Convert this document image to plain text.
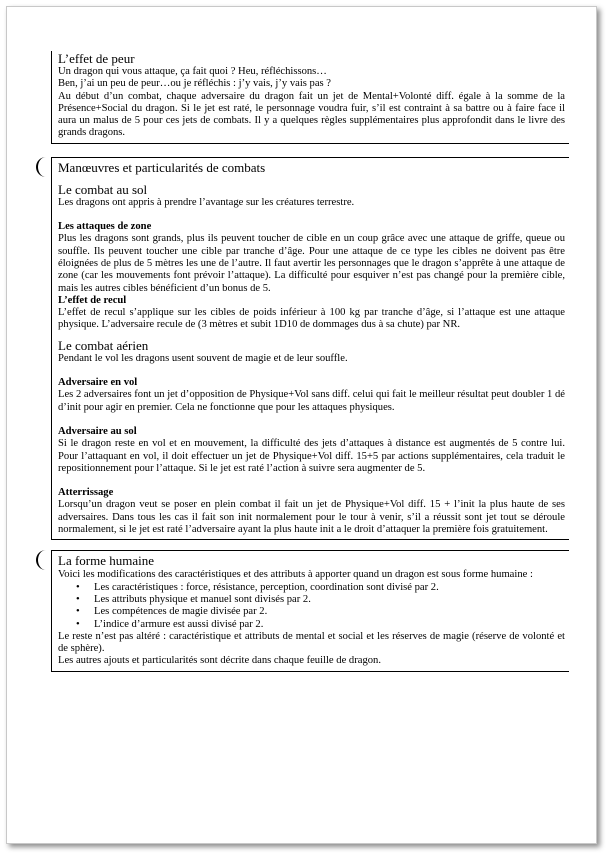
L’effet de peur

Un dragon qui vous attaque, ça fait quoi ? Heu, réfléchissons…

Ben, j’ai un peu de peur…ou je réfléchis : j’y vais, j’y vais pas ?

Au début d’un combat, chaque adversaire du dragon fait un jet de Mental+Volonté diff. égale à la somme de la Présence+Social du dragon. Si le jet est raté, le personnage voudra fuir, s’il est contraint à sa battre ou à faire face il aura un malus de 5 pour ces jets de combats. Il y a quelques règles supplémentaires plus approfondit dans le livre des grands dragons.

Manœuvres et particularités de combats
Le combat au sol

Les dragons ont appris à prendre l’avantage sur les créatures terrestre.

Les attaques de zone

Plus les dragons sont grands, plus ils peuvent toucher de cible en un coup grâce avec une attaque de griffe, queue ou souffle. Ils peuvent toucher une cible par tranche d’âge. Pour une attaque de ce type les cibles ne doivent pas être éloignées de plus de 5 mètres les une de l’autre. Il faut avertir les personnages que le dragon s’apprête à une attaque de zone (car les mouvements font prévoir l’attaque). La difficulté pour esquiver n’est pas changé pour la première cible, mais les autres cibles bénéficient d’un bonus de 5.

L’effet de recul

L’effet de recul s’applique sur les cibles de poids inférieur à 100 kg par tranche d’âge, si l’attaque est une attaque physique. L’adversaire recule de (3 mètres et subit 1D10 de dommages dus à sa chute) par NR.

Le combat aérien

Pendant le vol les dragons usent souvent de magie et de leur souffle.

Adversaire en vol

Les 2 adversaires font un jet d’opposition de Physique+Vol sans diff. celui qui fait le meilleur résultat peut doubler 1 dé d’init pour agir en premier. Cela ne fonctionne que pour les attaques physiques.

Adversaire au sol

Si le dragon reste en vol et en mouvement, la difficulté des jets d’attaques à distance est augmentés de 5 contre lui. Pour l’attaquant en vol, il doit effectuer un jet de Physique+Vol diff. 15+5 par actions supplémentaires, cela traduit le repositionnement pour l’attaque. Si le jet est raté l’action à suivre sera augmenter de 5.

Atterrissage

Lorsqu’un dragon veut se poser en plein combat il fait un jet de Physique+Vol diff. 15 + l’init la plus haute de ses adversaires. Dans tous les cas il fait son init normalement pour le tour à venir, s’il a réussit sont jet tout se déroule normalement, si le jet est raté l’adversaire ayant la plus haute init a le droit d’attaquer la première fois gratuitement.

La forme humaine

Voici les modifications des caractéristiques et des attributs à apporter quand un dragon est sous forme humaine :

• Les caractéristiques : force, résistance, perception, coordination sont divisé par 2.
• Les attributs physique et manuel sont divisés par 2.
• Les compétences de magie divisée par 2.
• L’indice d’armure est aussi divisé par 2.

Le reste n’est pas altéré : caractéristique et attributs de mental et social et les réserves de magie (réserve de volonté et de sphère).

Les autres ajouts et particularités sont décrite dans chaque feuille de dragon.
